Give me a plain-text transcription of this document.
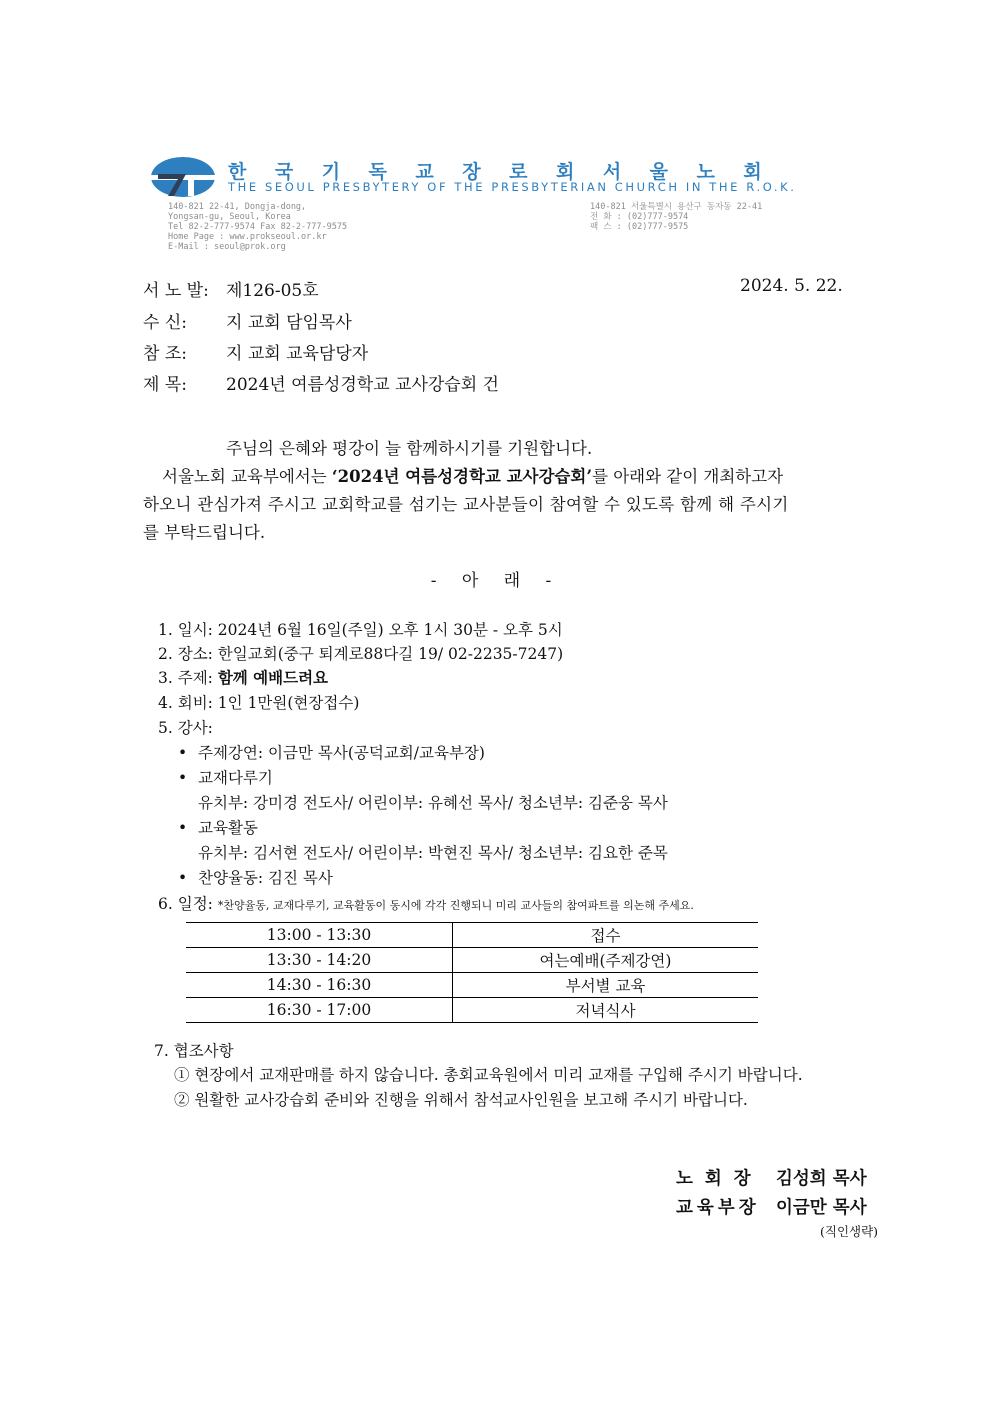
한국기독교장로회서울노회
THE SEOUL PRESBYTERY OF THE PRESBYTERIAN CHURCH IN THE R.O.K.
140-821 22-41, Dongja-dong,
Yongsan-gu, Seoul, Korea
Tel 82-2-777-9574 Fax 82-2-777-9575
Home Page : www.prokseoul.or.kr
E-Mail : seoul@prok.org
140-821 서울특별시 용산구 동자동 22-41
전 화 : (02)777-9574
팩 스 : (02)777-9575
서 노 발: 제126-05호	2024. 5. 22.
수 신: 지 교회 담임목사
참 조: 지 교회 교육담당자
제 목: 2024년 여름성경학교 교사강습회 건
주님의 은혜와 평강이 늘 함께하시기를 기원합니다.
서울노회 교육부에서는 ‘2024년 여름성경학교 교사강습회’를 아래와 같이 개최하고자
하오니 관심가져 주시고 교회학교를 섬기는 교사분들이 참여할 수 있도록 함께 해 주시기
를 부탁드립니다.
- 아 래 -
1. 일시: 2024년 6월 16일(주일) 오후 1시 30분 - 오후 5시
2. 장소: 한일교회(중구 퇴계로88다길 19/ 02-2235-7247)
3. 주제: 함께 예배드려요
4. 회비: 1인 1만원(현장접수)
5. 강사:
• 주제강연: 이금만 목사(공덕교회/교육부장)
• 교재다루기
유치부: 강미경 전도사/ 어린이부: 유혜선 목사/ 청소년부: 김준웅 목사
• 교육활동
유치부: 김서현 전도사/ 어린이부: 박현진 목사/ 청소년부: 김요한 준목
• 찬양율동: 김진 목사
6. 일정: *찬양율동, 교재다루기, 교육활동이 동시에 각각 진행되니 미리 교사들의 참여파트를 의논해 주세요.
13:00 - 13:30	접수
13:30 - 14:20	여는예배(주제강연)
14:30 - 16:30	부서별 교육
16:30 - 17:00	저녁식사
7. 협조사항
① 현장에서 교재판매를 하지 않습니다. 총회교육원에서 미리 교재를 구입해 주시기 바랍니다.
② 원활한 교사강습회 준비와 진행을 위해서 참석교사인원을 보고해 주시기 바랍니다.
노회장 김성희 목사
교육부장 이금만 목사
(직인생략)
